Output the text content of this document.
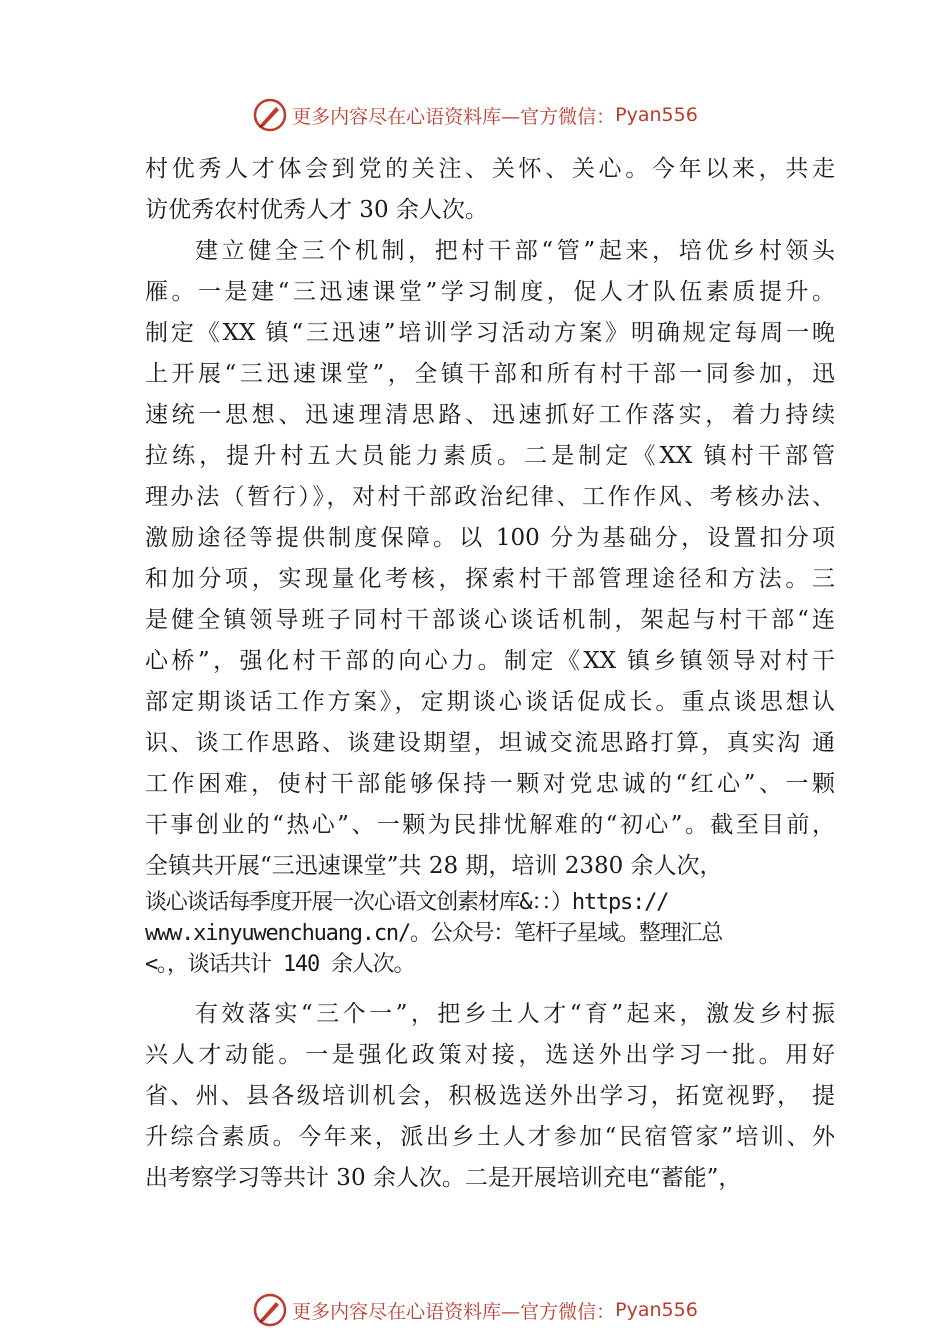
更多内容尽在心语资料库—官方微信： Pyan556
村优秀人才体会到党的关注、关怀、关心。今年以来，共走
访优秀农村优秀人才 30 余人次。
建立健全三个机制，把村干部“管”起来，培优乡村领头
雁。一是建“三迅速课堂”学习制度，促人才队伍素质提升。
制定《XX 镇“三迅速”培训学习活动方案》明确规定每周一晚
上开展“三迅速课堂”，全镇干部和所有村干部一同参加，迅
速统一思想、迅速理清思路、迅速抓好工作落实，着力持续
拉练，提升村五大员能力素质。二是制定《XX 镇村干部管
理办法（暂行）》，对村干部政治纪律、工作作风、考核办法、
激励途径等提供制度保障。以 100 分为基础分，设置扣分项
和加分项，实现量化考核，探索村干部管理途径和方法。三
是健全镇领导班子同村干部谈心谈话机制，架起与村干部“连
心桥”，强化村干部的向心力。制定《XX 镇乡镇领导对村干
部定期谈话工作方案》，定期谈心谈话促成长。重点谈思想认
识、谈工作思路、谈建设期望，坦诚交流思路打算，真实沟 通
工作困难，使村干部能够保持一颗对党忠诚的“红心”、一颗
干事创业的“热心”、一颗为民排忧解难的“初心”。截至目前，
全镇共开展“三迅速课堂”共 28 期，培训 2380 余人次，
谈心谈话每季度开展一次心语文创素材库&：：）https://
www.xinyuwenchuang.cn/。公众号：笔杆子星域。整理汇总
<。，谈话共计 140 余人次。
有效落实“三个一”，把乡土人才“育”起来，激发乡村振
兴人才动能。一是强化政策对接，选送外出学习一批。用好
省、州、县各级培训机会，积极选送外出学习，拓宽视野， 提
升综合素质。今年来，派出乡土人才参加“民宿管家”培训、外
出考察学习等共计 30 余人次。二是开展培训充电“蓄能”，
更多内容尽在心语资料库—官方微信： Pyan556
